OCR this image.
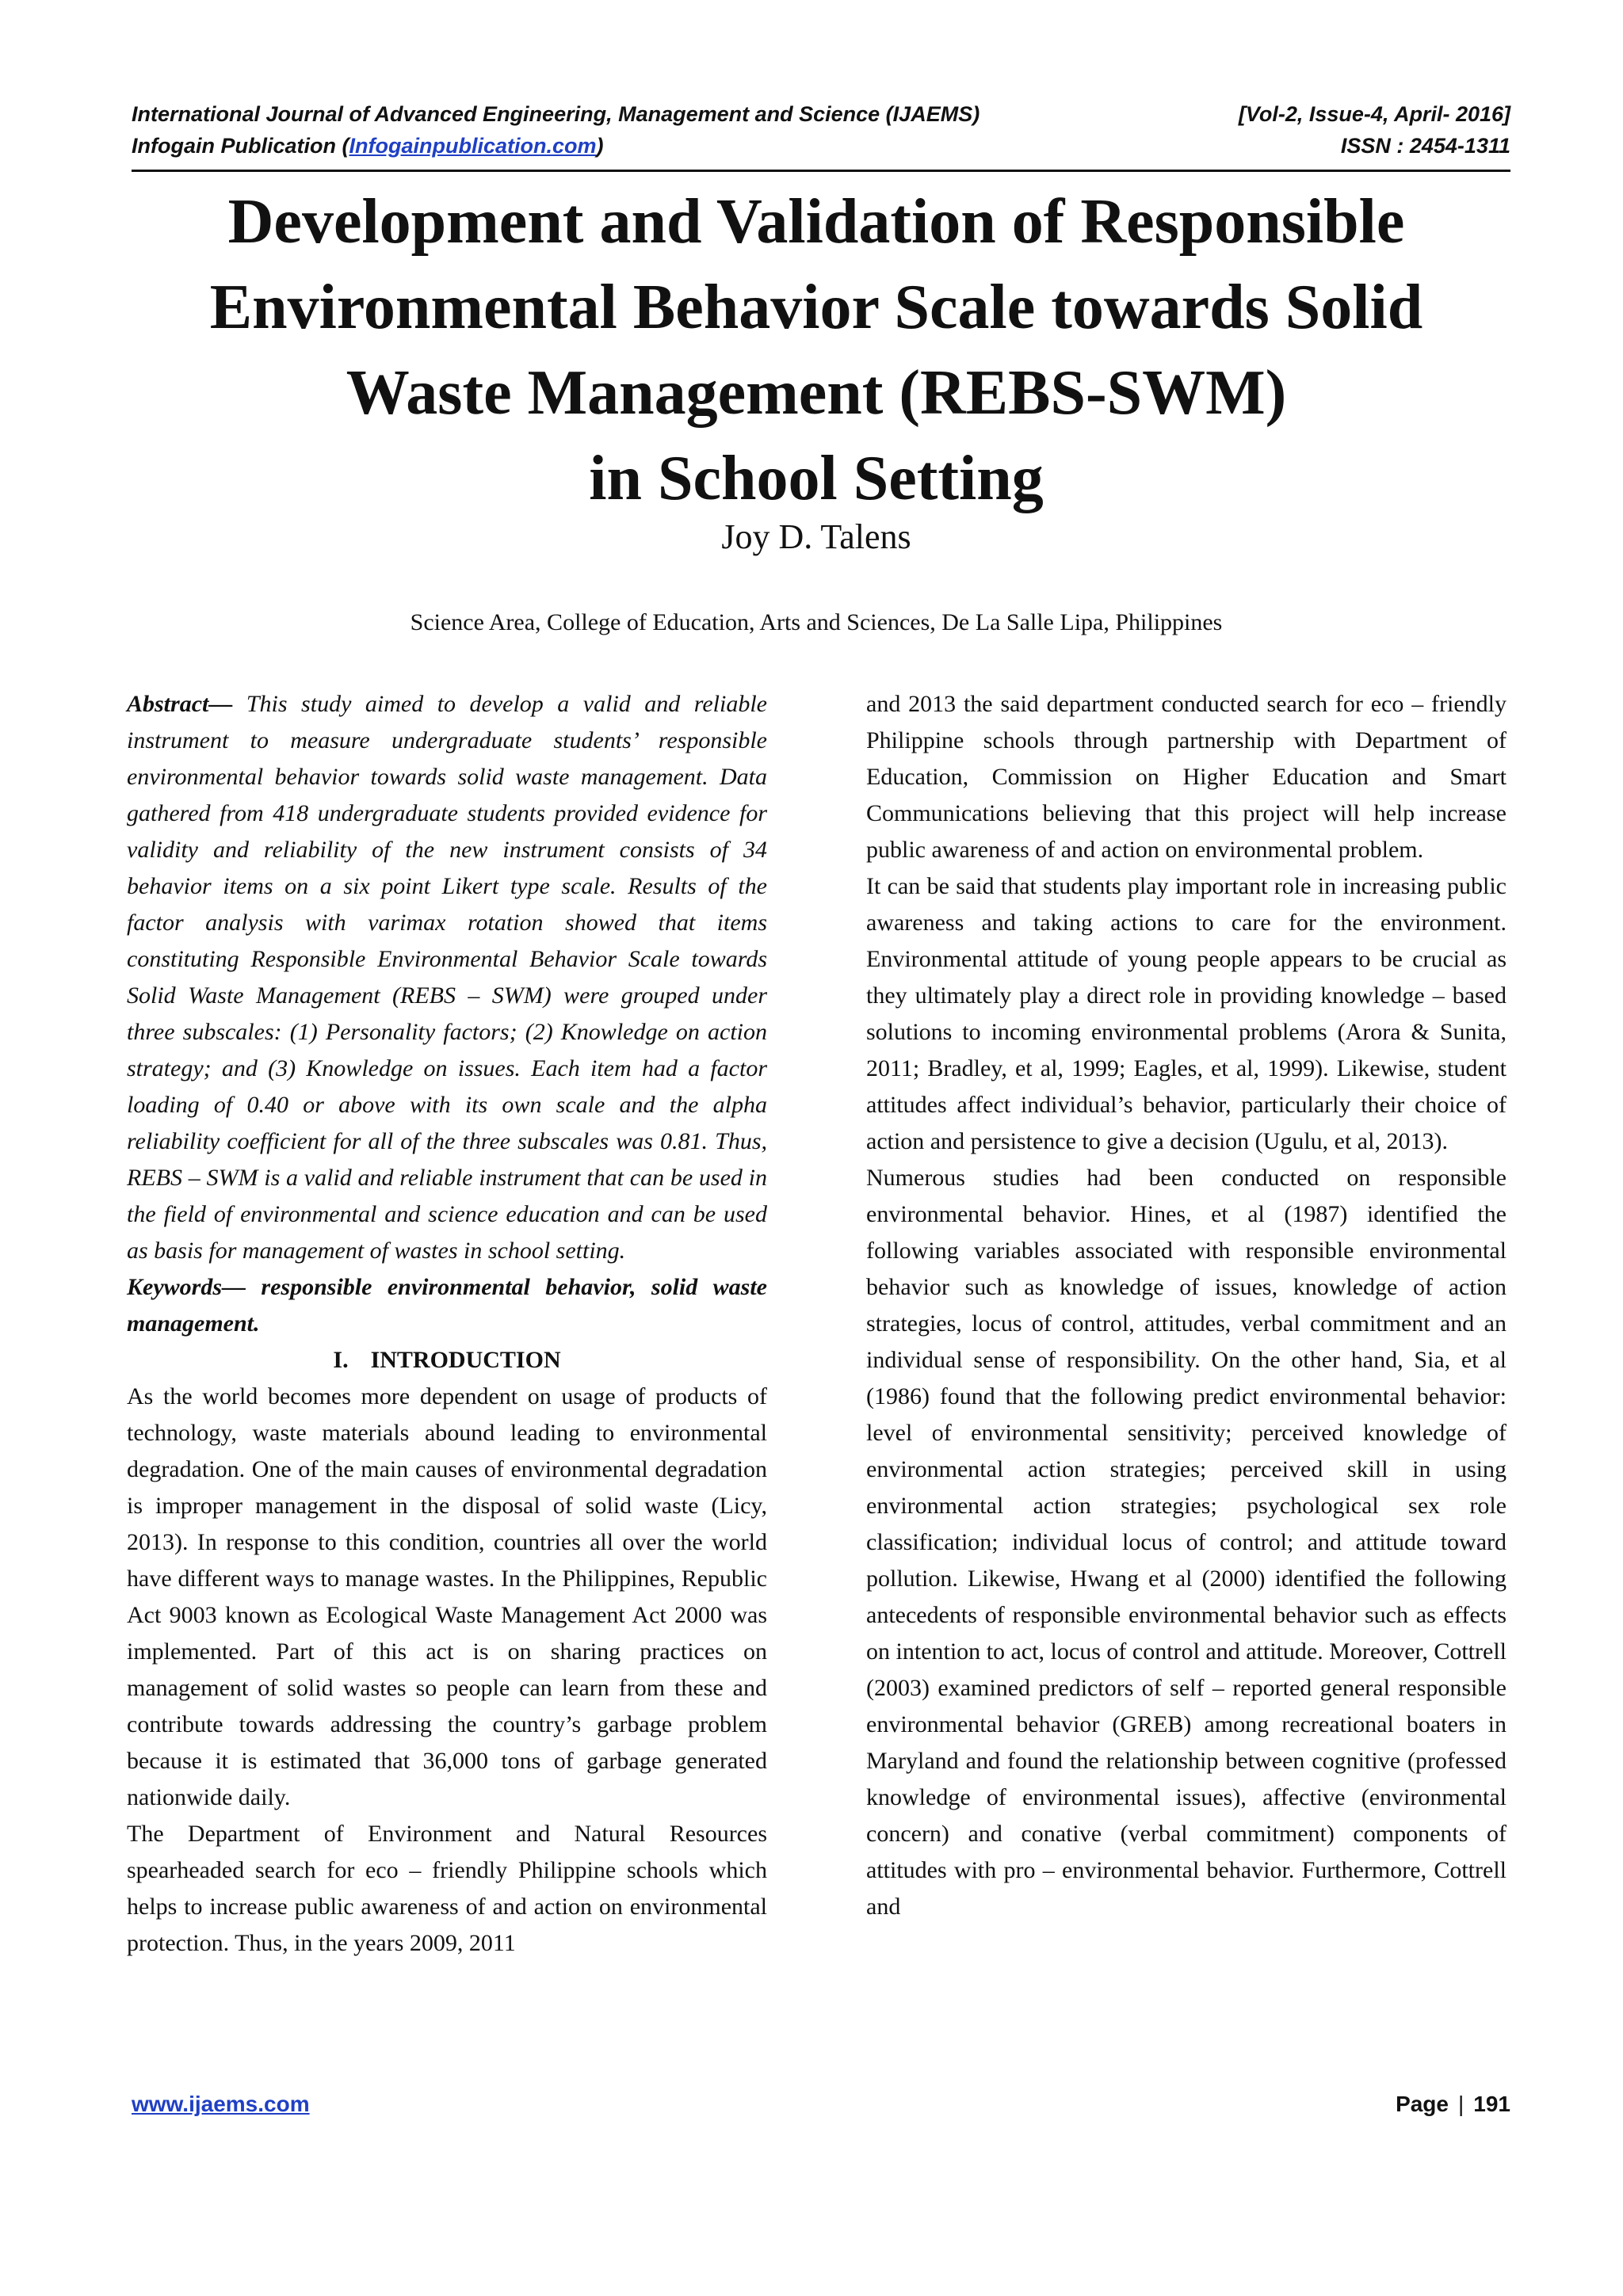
International Journal of Advanced Engineering, Management and Science (IJAEMS)	[Vol-2, Issue-4, April- 2016]
Infogain Publication (Infogainpublication.com)	ISSN : 2454-1311
Development and Validation of Responsible
Environmental Behavior Scale towards Solid
Waste Management (REBS-SWM)
in School Setting
Joy D. Talens
Science Area, College of Education, Arts and Sciences, De La Salle Lipa, Philippines

Abstract— This study aimed to develop a valid and reliable instrument to measure undergraduate students’ responsible environmental behavior towards solid waste management. Data gathered from 418 undergraduate students provided evidence for validity and reliability of the new instrument consists of 34 behavior items on a six point Likert type scale. Results of the factor analysis with varimax rotation showed that items constituting Responsible Environmental Behavior Scale towards Solid Waste Management (REBS – SWM) were grouped under three subscales: (1) Personality factors; (2) Knowledge on action strategy; and (3) Knowledge on issues. Each item had a factor loading of 0.40 or above with its own scale and the alpha reliability coefficient for all of the three subscales was 0.81. Thus, REBS – SWM is a valid and reliable instrument that can be used in the field of environmental and science education and can be used as basis for management of wastes in school setting.

Keywords— responsible environmental behavior, solid waste management.

I. INTRODUCTION

As the world becomes more dependent on usage of products of technology, waste materials abound leading to environmental degradation. One of the main causes of environmental degradation is improper management in the disposal of solid waste (Licy, 2013). In response to this condition, countries all over the world have different ways to manage wastes. In the Philippines, Republic Act 9003 known as Ecological Waste Management Act 2000 was implemented. Part of this act is on sharing practices on management of solid wastes so people can learn from these and contribute towards addressing the country’s garbage problem because it is estimated that 36,000 tons of garbage generated nationwide daily.

The Department of Environment and Natural Resources spearheaded search for eco – friendly Philippine schools which helps to increase public awareness of and action on environmental protection. Thus, in the years 2009, 2011

and 2013 the said department conducted search for eco – friendly Philippine schools through partnership with Department of Education, Commission on Higher Education and Smart Communications believing that this project will help increase public awareness of and action on environmental problem.

It can be said that students play important role in increasing public awareness and taking actions to care for the environment. Environmental attitude of young people appears to be crucial as they ultimately play a direct role in providing knowledge – based solutions to incoming environmental problems (Arora & Sunita, 2011; Bradley, et al, 1999; Eagles, et al, 1999). Likewise, student attitudes affect individual’s behavior, particularly their choice of action and persistence to give a decision (Ugulu, et al, 2013).

Numerous studies had been conducted on responsible environmental behavior. Hines, et al (1987) identified the following variables associated with responsible environmental behavior such as knowledge of issues, knowledge of action strategies, locus of control, attitudes, verbal commitment and an individual sense of responsibility. On the other hand, Sia, et al (1986) found that the following predict environmental behavior: level of environmental sensitivity; perceived knowledge of environmental action strategies; perceived skill in using environmental action strategies; psychological sex role classification; individual locus of control; and attitude toward pollution. Likewise, Hwang et al (2000) identified the following antecedents of responsible environmental behavior such as effects on intention to act, locus of control and attitude. Moreover, Cottrell (2003) examined predictors of self – reported general responsible environmental behavior (GREB) among recreational boaters in Maryland and found the relationship between cognitive (professed knowledge of environmental issues), affective (environmental concern) and conative (verbal commitment) components of attitudes with pro – environmental behavior. Furthermore, Cottrell and

www.ijaems.com	Page | 191
